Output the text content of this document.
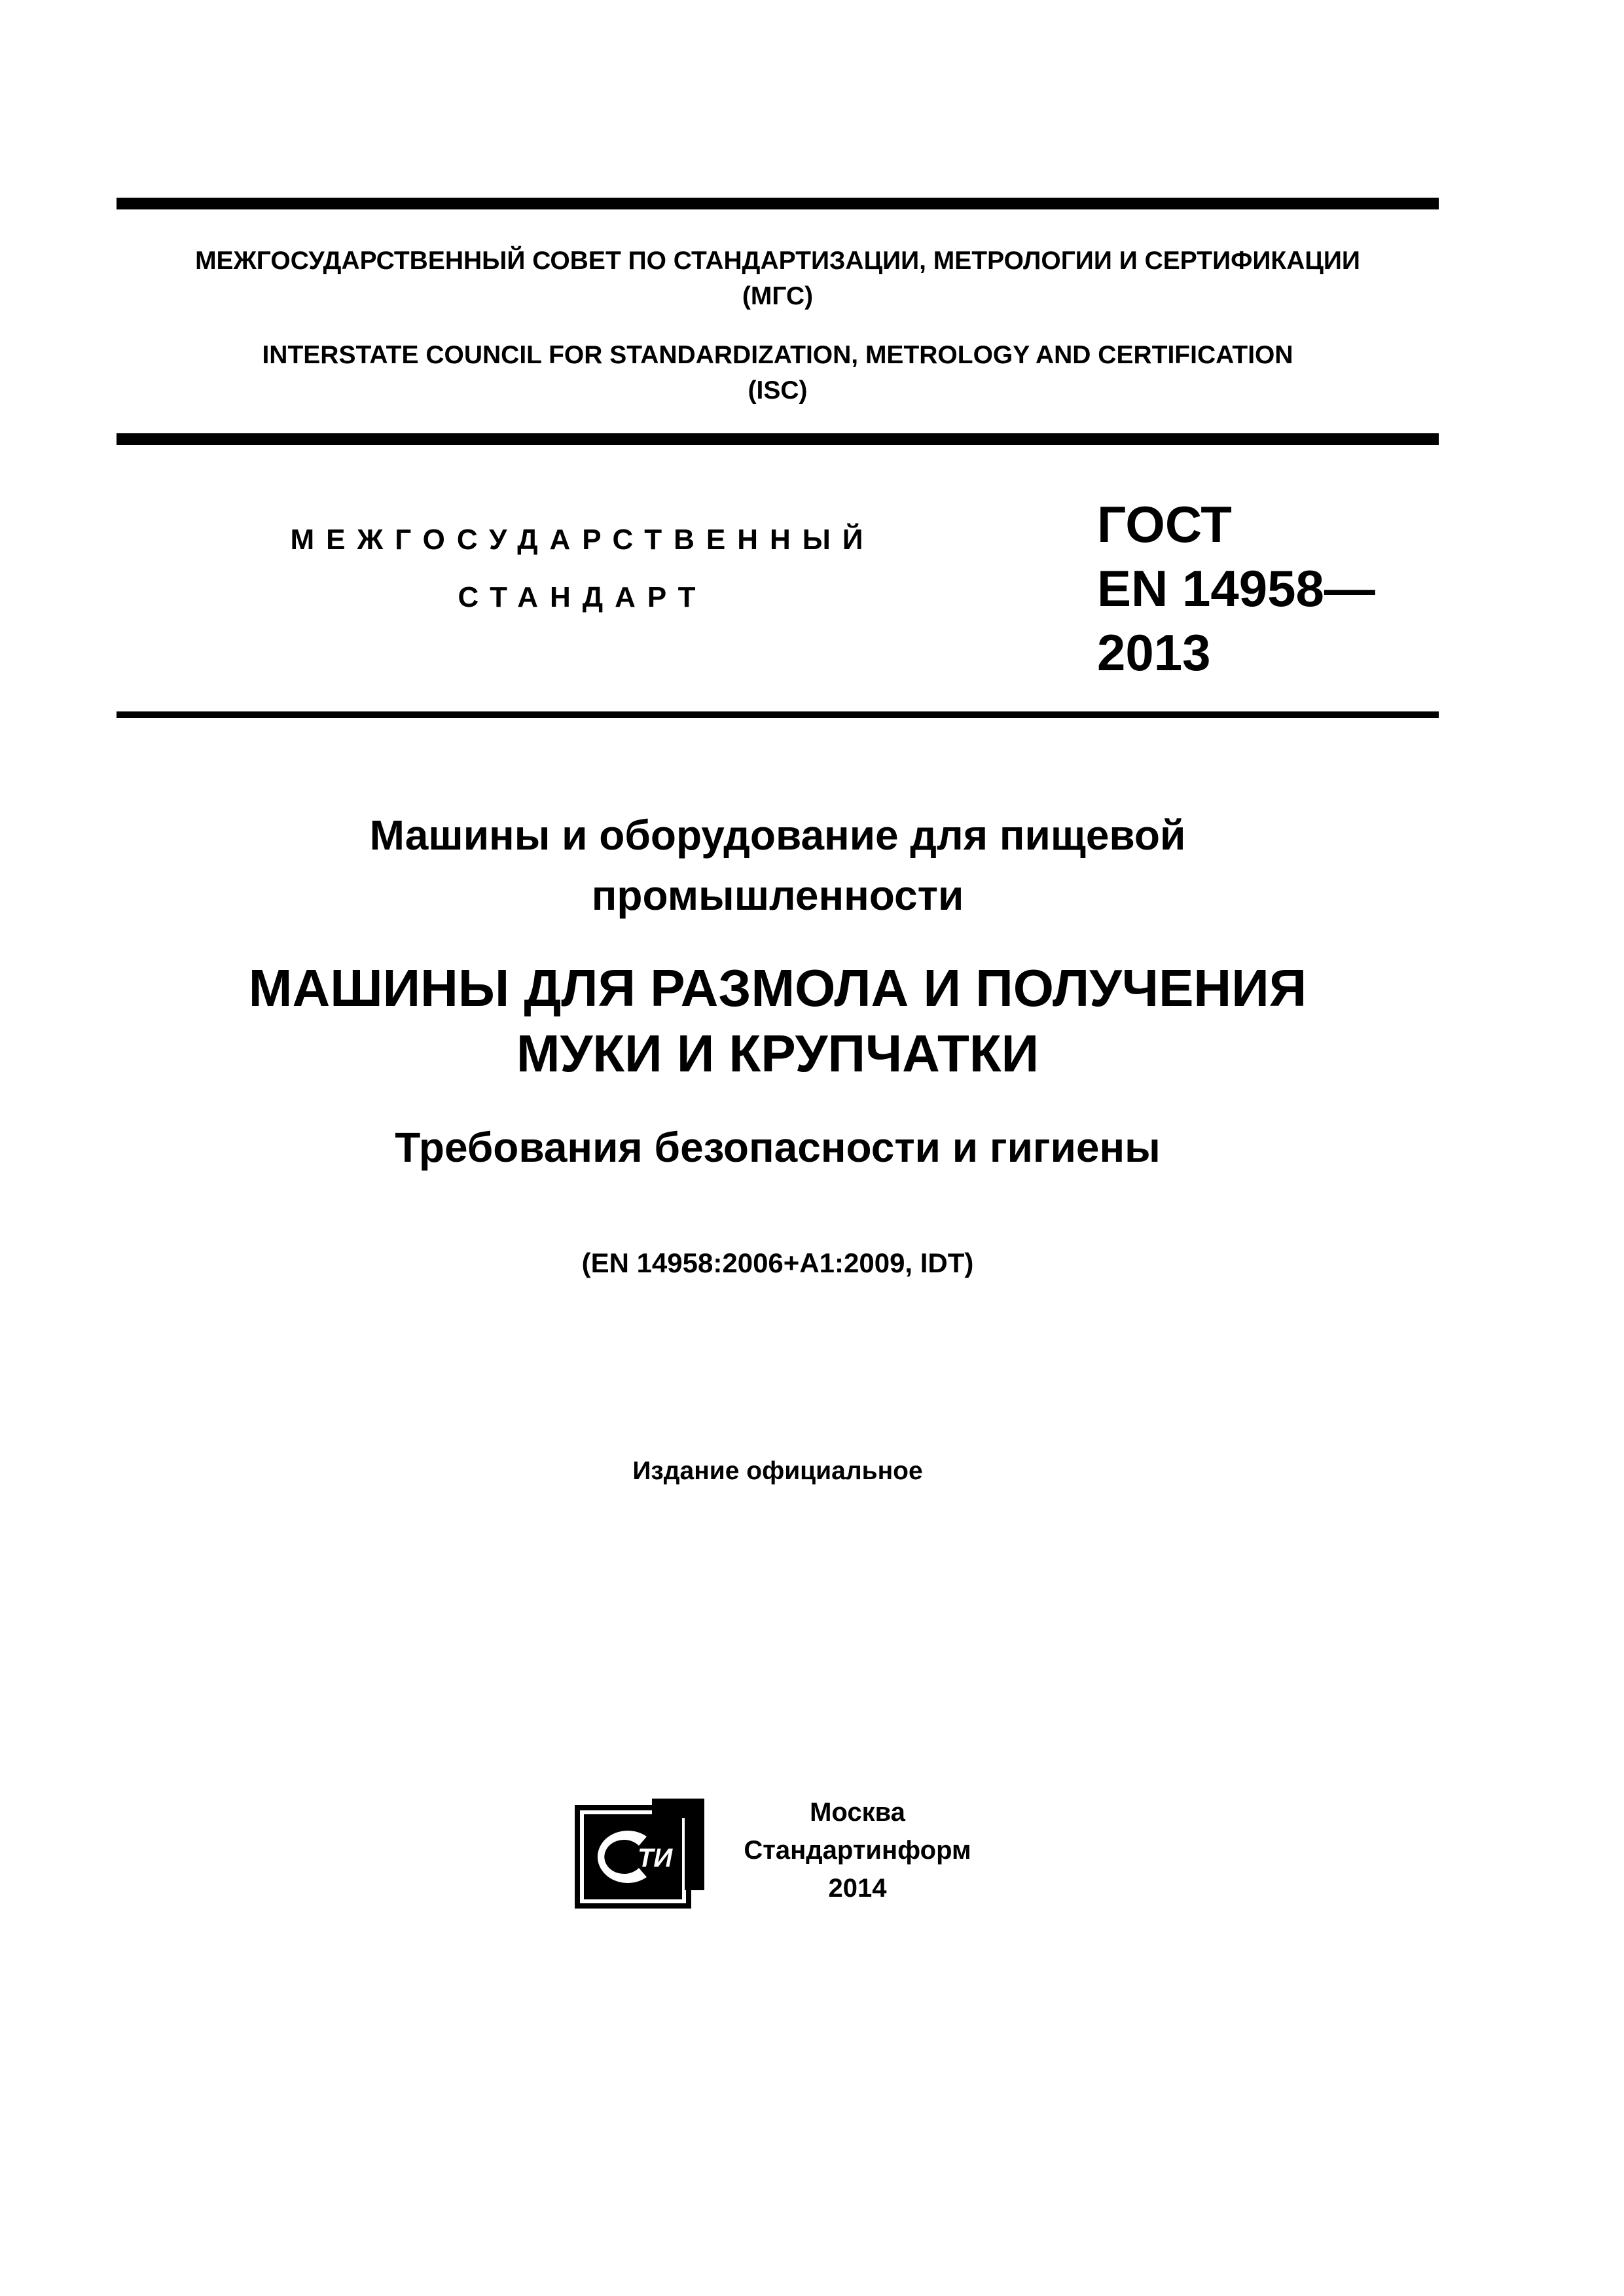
МЕЖГОСУДАРСТВЕННЫЙ СОВЕТ ПО СТАНДАРТИЗАЦИИ, МЕТРОЛОГИИ И СЕРТИФИКАЦИИ

(МГС)

INTERSTATE COUNCIL FOR STANDARDIZATION, METROLOGY AND CERTIFICATION

(ISC)

МЕЖГОСУДАРСТВЕННЫЙ
СТАНДАРТ
ГОСТ
EN 14958—
2013
Машины и оборудование для пищевой
промышленности
МАШИНЫ ДЛЯ РАЗМОЛА И ПОЛУЧЕНИЯ
МУКИ И КРУПЧАТКИ
Требования безопасности и гигиены
(EN 14958:2006+A1:2009, IDT)
Издание официальное
ТИ
Москва
Стандартинформ
2014
